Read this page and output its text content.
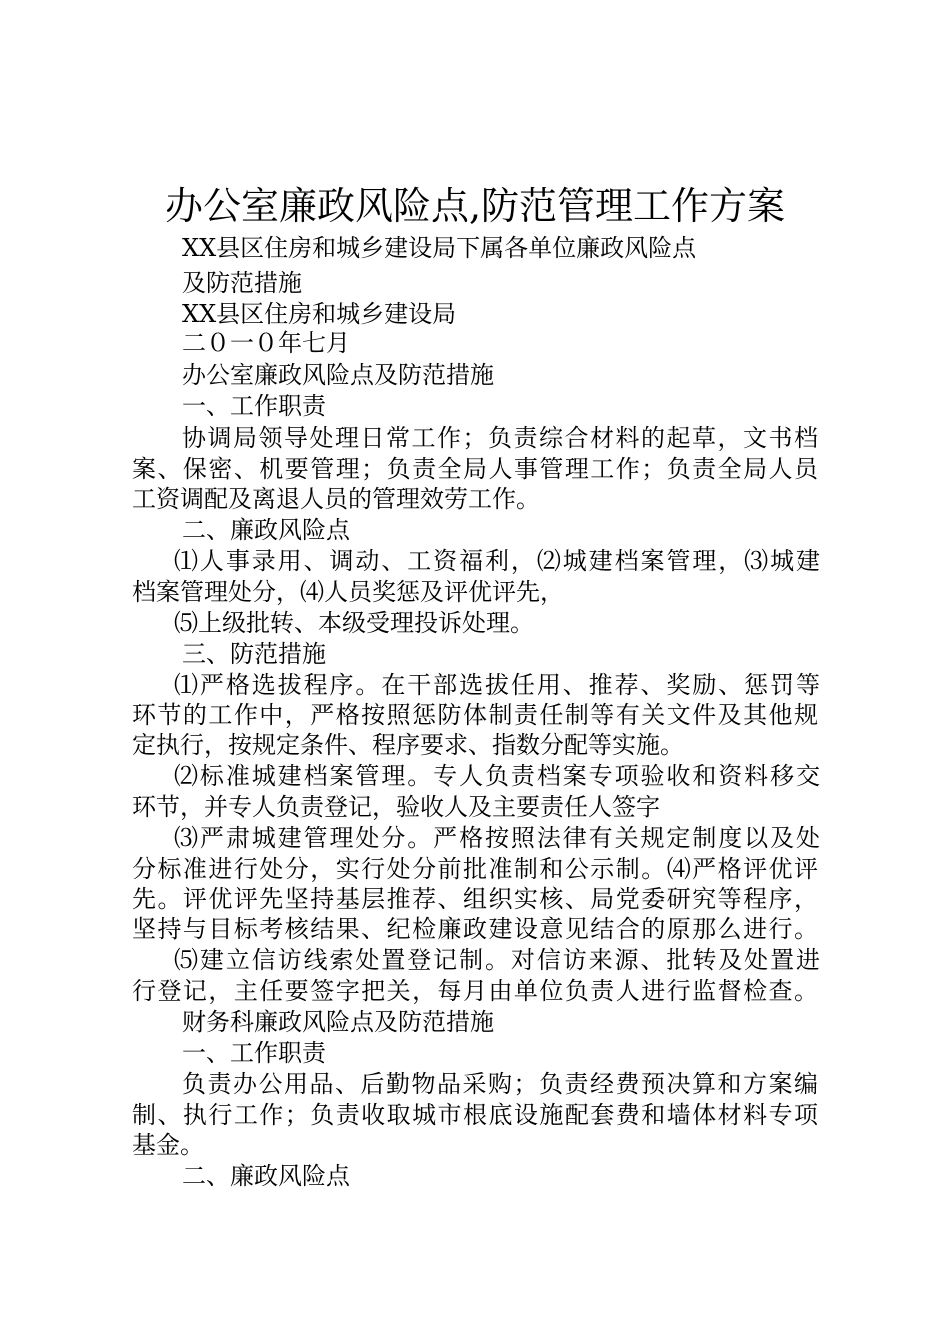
办公室廉政风险点,防范管理工作方案
XX县区住房和城乡建设局下属各单位廉政风险点
及防范措施
XX县区住房和城乡建设局
二０一０年七月
办公室廉政风险点及防范措施
一、工作职责
协调局领导处理日常工作；负责综合材料的起草，文书档
案、保密、机要管理；负责全局人事管理工作；负责全局人员
工资调配及离退人员的管理效劳工作。
二、廉政风险点
⑴人事录用、调动、工资福利，⑵城建档案管理，⑶城建
档案管理处分，⑷人员奖惩及评优评先，
⑸上级批转、本级受理投诉处理。
三、防范措施
⑴严格选拔程序。在干部选拔任用、推荐、奖励、惩罚等
环节的工作中，严格按照惩防体制责任制等有关文件及其他规
定执行，按规定条件、程序要求、指数分配等实施。
⑵标准城建档案管理。专人负责档案专项验收和资料移交
环节，并专人负责登记，验收人及主要责任人签字
⑶严肃城建管理处分。严格按照法律有关规定制度以及处
分标准进行处分，实行处分前批准制和公示制。⑷严格评优评
先。评优评先坚持基层推荐、组织实核、局党委研究等程序，
坚持与目标考核结果、纪检廉政建设意见结合的原那么进行。
⑸建立信访线索处置登记制。对信访来源、批转及处置进
行登记，主任要签字把关，每月由单位负责人进行监督检查。
财务科廉政风险点及防范措施
一、工作职责
负责办公用品、后勤物品采购；负责经费预决算和方案编
制、执行工作；负责收取城市根底设施配套费和墙体材料专项
基金。
二、廉政风险点
